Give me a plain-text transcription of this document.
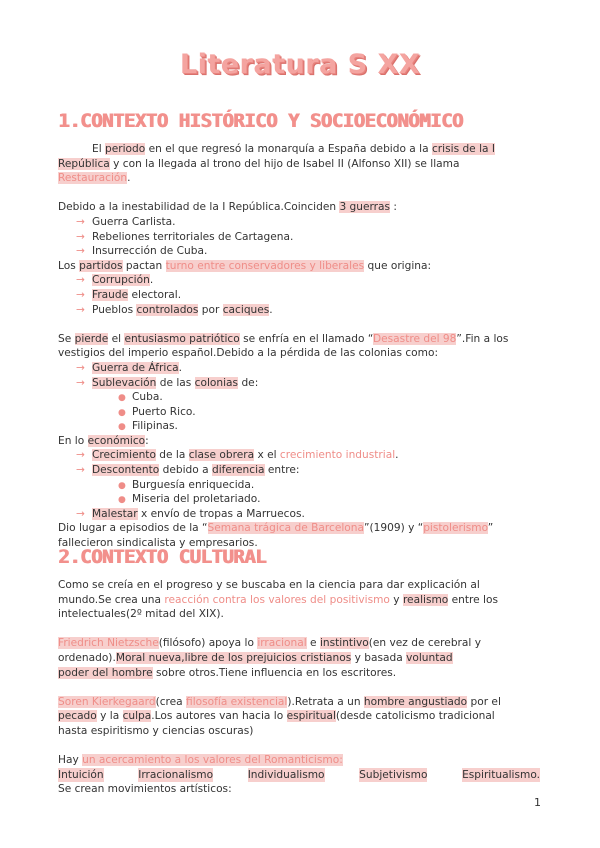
Literatura S XX
1.CONTEXTO HISTÓRICO Y SOCIOECONÓMICO
El periodo en el que regresó la monarquía a España debido a la crisis de la I
República y con la llegada al trono del hijo de Isabel II (Alfonso XII) se llama
Restauración.
Debido a la inestabilidad de la I República.Coinciden 3 guerras :
→ Guerra Carlista.
→ Rebeliones territoriales de Cartagena.
→ Insurrección de Cuba.
Los partidos pactan turno entre conservadores y liberales que origina:
→ Corrupción.
→ Fraude electoral.
→ Pueblos controlados por caciques.
Se pierde el entusiasmo patriótico se enfría en el llamado “Desastre del 98”.Fin a los
vestigios del imperio español.Debido a la pérdida de las colonias como:
→ Guerra de África.
→ Sublevación de las colonias de:
● Cuba.
● Puerto Rico.
● Filipinas.
En lo económico:
→ Crecimiento de la clase obrera x el crecimiento industrial.
→ Descontento debido a diferencia entre:
● Burguesía enriquecida.
● Miseria del proletariado.
→ Malestar x envío de tropas a Marruecos.
Dio lugar a episodios de la “Semana trágica de Barcelona”(1909) y “pistolerismo”
fallecieron sindicalista y empresarios.
2.CONTEXTO CULTURAL
Como se creía en el progreso y se buscaba en la ciencia para dar explicación al
mundo.Se crea una reacción contra los valores del positivismo y realismo entre los
intelectuales(2º mitad del XIX).
Friedrich Nietzsche(filósofo) apoya lo irracional e instintivo(en vez de cerebral y
ordenado).Moral nueva,libre de los prejuicios cristianos y basada voluntad
poder del hombre sobre otros.Tiene influencia en los escritores.
Soren Kierkegaard(crea filosofía existencial).Retrata a un hombre angustiado por el
pecado y la culpa.Los autores van hacia lo espiritual(desde catolicismo tradicional
hasta espiritismo y ciencias oscuras)
Hay un acercamiento a los valores del Romanticismo:
Intuición	Irracionalismo	Individualismo	Subjetivismo	Espiritualismo.
Se crean movimientos artísticos:
1
